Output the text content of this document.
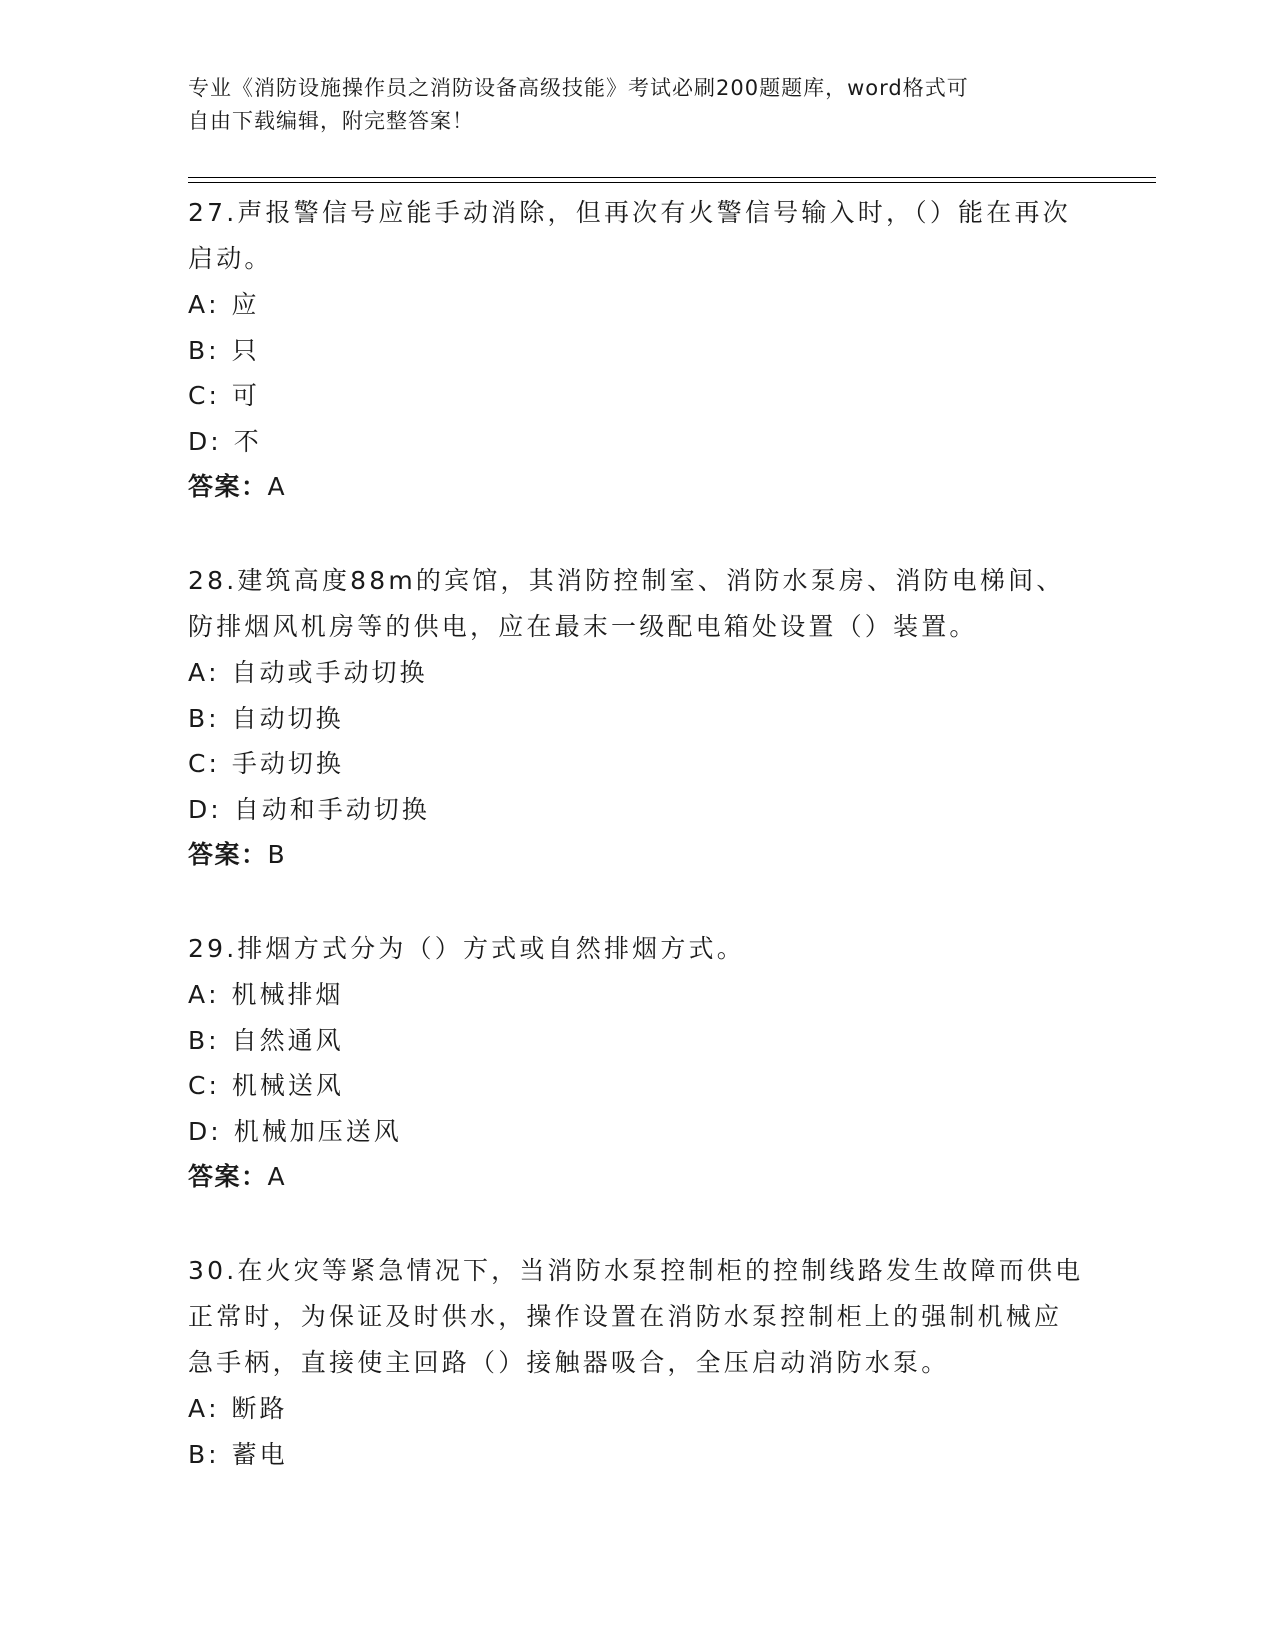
专业《消防设施操作员之消防设备高级技能》考试必刷200题题库，word格式可
自由下载编辑，附完整答案！

27.声报警信号应能手动消除，但再次有火警信号输入时，（）能在再次启动。

A: 应
B: 只
C: 可
D: 不

答案：A

28.建筑高度88m的宾馆，其消防控制室、消防水泵房、消防电梯间、防排烟风机房等的供电，应在最末一级配电箱处设置（）装置。

A: 自动或手动切换
B: 自动切换
C: 手动切换
D: 自动和手动切换

答案：B

29.排烟方式分为（）方式或自然排烟方式。

A: 机械排烟
B: 自然通风
C: 机械送风
D: 机械加压送风

答案：A

30.在火灾等紧急情况下，当消防水泵控制柜的控制线路发生故障而供电正常时，为保证及时供水，操作设置在消防水泵控制柜上的强制机械应急手柄，直接使主回路（）接触器吸合，全压启动消防水泵。

A: 断路
B: 蓄电
